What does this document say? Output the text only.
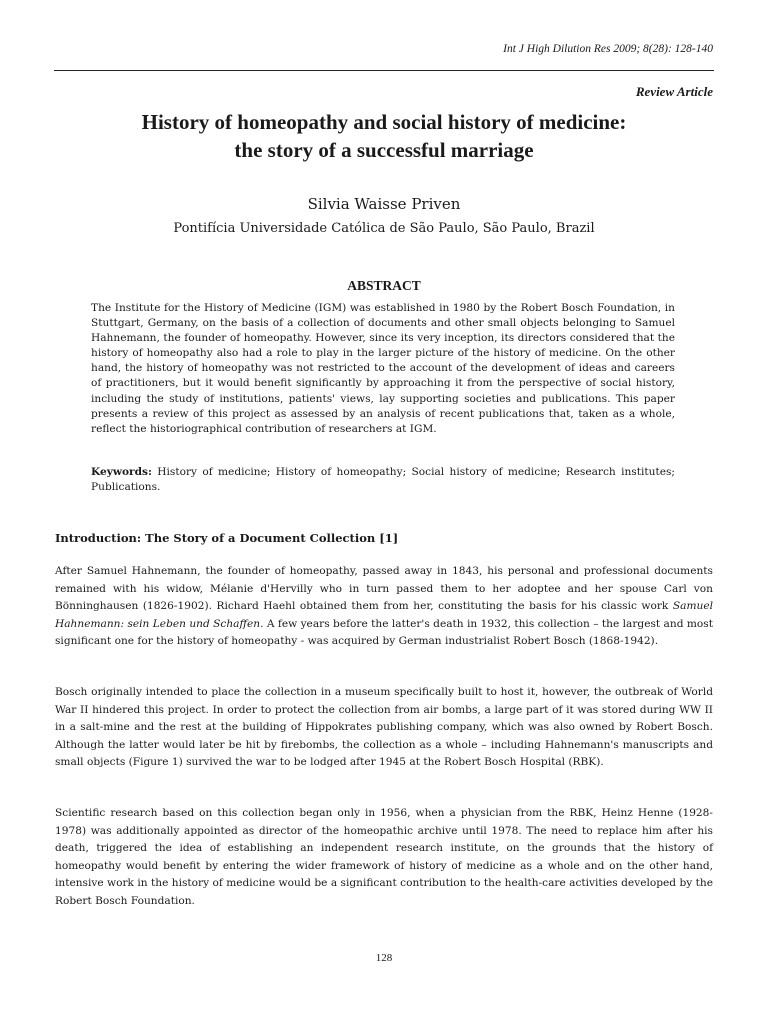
Int J High Dilution Res 2009; 8(28): 128-140
Review Article
History of homeopathy and social history of medicine:
the story of a successful marriage
Silvia Waisse Priven
Pontifícia Universidade Católica de São Paulo, São Paulo, Brazil
ABSTRACT
The Institute for the History of Medicine (IGM) was established in 1980 by the Robert Bosch Foundation, in Stuttgart, Germany, on the basis of a collection of documents and other small objects belonging to Samuel Hahnemann, the founder of homeopathy. However, since its very inception, its directors considered that the history of homeopathy also had a role to play in the larger picture of the history of medicine. On the other hand, the history of homeopathy was not restricted to the account of the development of ideas and careers of practitioners, but it would benefit significantly by approaching it from the perspective of social history, including the study of institutions, patients' views, lay supporting societies and publications. This paper presents a review of this project as assessed by an analysis of recent publications that, taken as a whole, reflect the historiographical contribution of researchers at IGM.
Keywords: History of medicine; History of homeopathy; Social history of medicine; Research institutes; Publications.
Introduction: The Story of a Document Collection [1]
After Samuel Hahnemann, the founder of homeopathy, passed away in 1843, his personal and professional documents remained with his widow, Mélanie d'Hervilly who in turn passed them to her adoptee and her spouse Carl von Bönninghausen (1826-1902). Richard Haehl obtained them from her, constituting the basis for his classic work Samuel Hahnemann: sein Leben und Schaffen. A few years before the latter's death in 1932, this collection – the largest and most significant one for the history of homeopathy - was acquired by German industrialist Robert Bosch (1868-1942).
Bosch originally intended to place the collection in a museum specifically built to host it, however, the outbreak of World War II hindered this project. In order to protect the collection from air bombs, a large part of it was stored during WW II in a salt-mine and the rest at the building of Hippokrates publishing company, which was also owned by Robert Bosch. Although the latter would later be hit by firebombs, the collection as a whole – including Hahnemann's manuscripts and small objects (Figure 1) survived the war to be lodged after 1945 at the Robert Bosch Hospital (RBK).
Scientific research based on this collection began only in 1956, when a physician from the RBK, Heinz Henne (1928-1978) was additionally appointed as director of the homeopathic archive until 1978. The need to replace him after his death, triggered the idea of establishing an independent research institute, on the grounds that the history of homeopathy would benefit by entering the wider framework of history of medicine as a whole and on the other hand, intensive work in the history of medicine would be a significant contribution to the health-care activities developed by the Robert Bosch Foundation.
128
